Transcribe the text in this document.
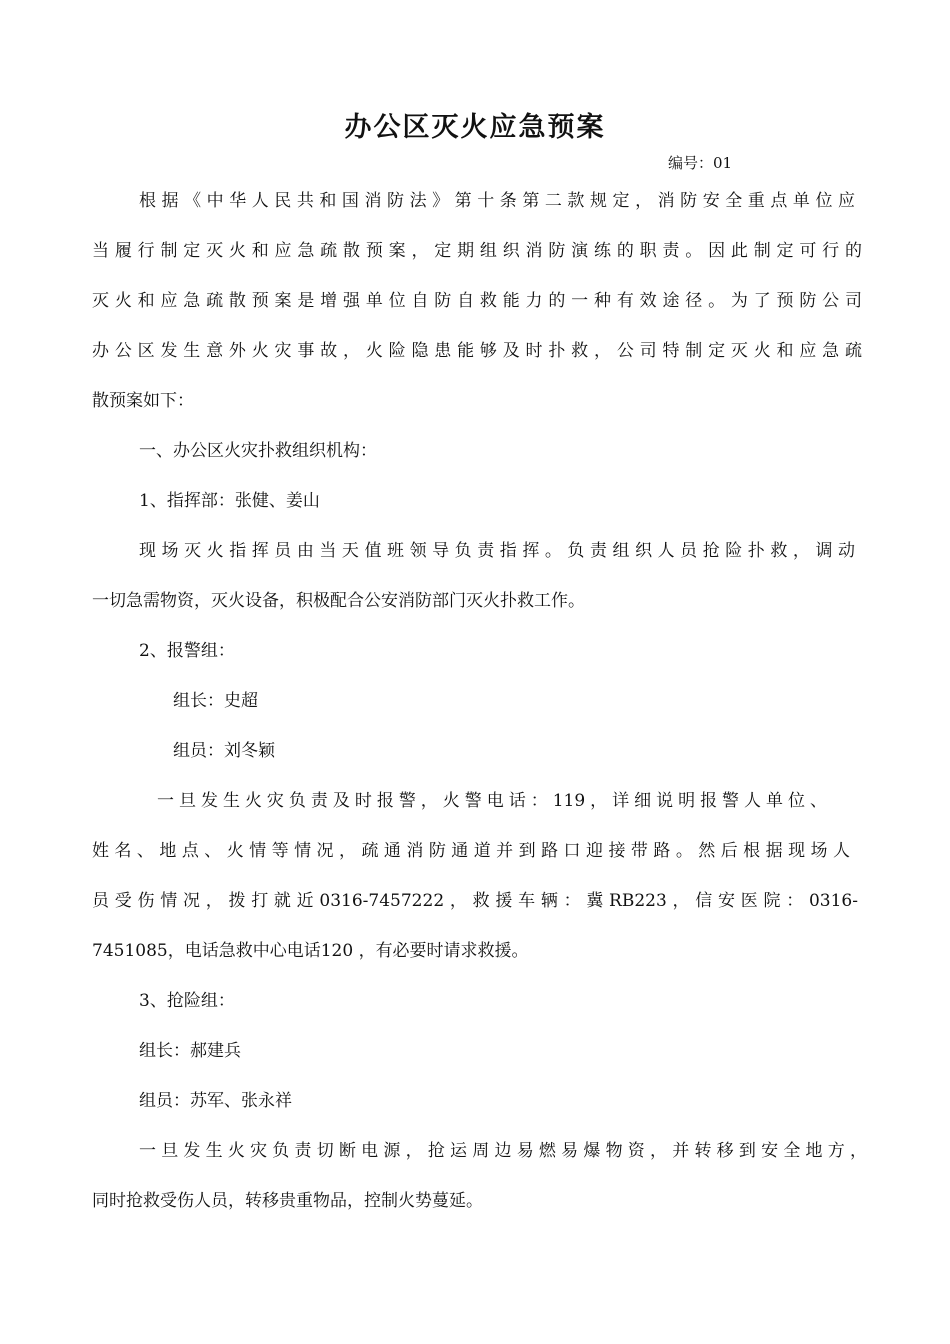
办公区灭火应急预案
编号：01

根据《中华人民共和国消防法》第十条第二款规定，消防安全重点单位应

当履行制定灭火和应急疏散预案，定期组织消防演练的职责。因此制定可行的

灭火和应急疏散预案是增强单位自防自救能力的一种有效途径。为了预防公司

办公区发生意外火灾事故，火险隐患能够及时扑救，公司特制定灭火和应急疏

散预案如下：

一、办公区火灾扑救组织机构：

1、指挥部：张健、姜山

现场灭火指挥员由当天值班领导负责指挥。负责组织人员抢险扑救，调动

一切急需物资，灭火设备，积极配合公安消防部门灭火扑救工作。

2、报警组：

组长：史超

组员：刘冬颖

一旦发生火灾负责及时报警，火警电话：119，详细说明报警人单位、

姓名、地点、火情等情况，疏通消防通道并到路口迎接带路。然后根据现场人

员受伤情况，拨打就近0316-7457222，救援车辆：冀RB223，信安医院：0316-

7451085，电话急救中心电话120 ，有必要时请求救援。

3、抢险组：

组长：郝建兵

组员：苏军、张永祥

一旦发生火灾负责切断电源，抢运周边易燃易爆物资，并转移到安全地方，

同时抢救受伤人员，转移贵重物品，控制火势蔓延。
